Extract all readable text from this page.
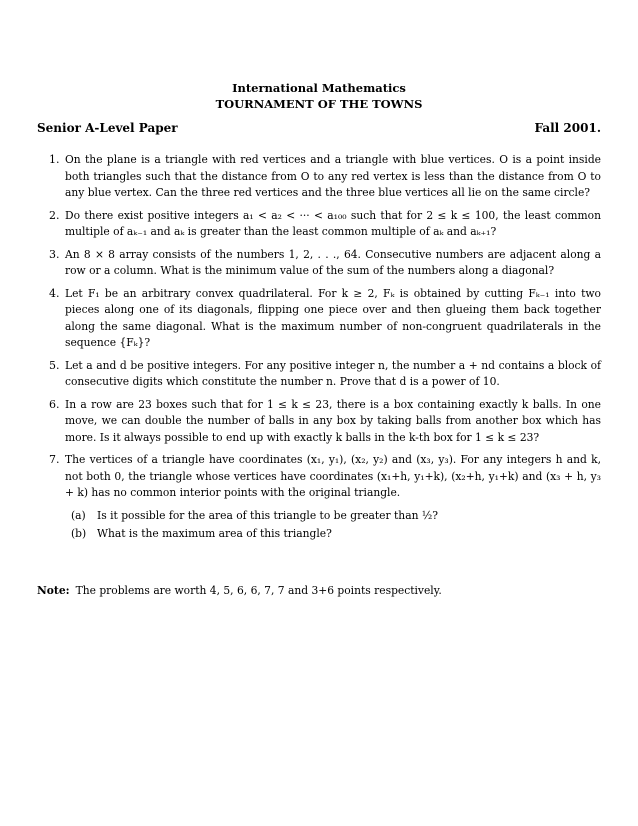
International Mathematics
TOURNAMENT OF THE TOWNS
Senior A-Level Paper	Fall 2001.
1. On the plane is a triangle with red vertices and a triangle with blue vertices. O is a point inside both triangles such that the distance from O to any red vertex is less than the distance from O to any blue vertex. Can the three red vertices and the three blue vertices all lie on the same circle?
2. Do there exist positive integers a₁ < a₂ < ··· < a₁₀₀ such that for 2 ≤ k ≤ 100, the least common multiple of aₖ₋₁ and aₖ is greater than the least common multiple of aₖ and aₖ₊₁?
3. An 8 × 8 array consists of the numbers 1, 2, . . ., 64. Consecutive numbers are adjacent along a row or a column. What is the minimum value of the sum of the numbers along a diagonal?
4. Let F₁ be an arbitrary convex quadrilateral. For k ≥ 2, Fₖ is obtained by cutting Fₖ₋₁ into two pieces along one of its diagonals, flipping one piece over and then glueing them back together along the same diagonal. What is the maximum number of non-congruent quadrilaterals in the sequence {Fₖ}?
5. Let a and d be positive integers. For any positive integer n, the number a + nd contains a block of consecutive digits which constitute the number n. Prove that d is a power of 10.
6. In a row are 23 boxes such that for 1 ≤ k ≤ 23, there is a box containing exactly k balls. In one move, we can double the number of balls in any box by taking balls from another box which has more. Is it always possible to end up with exactly k balls in the k-th box for 1 ≤ k ≤ 23?
7. The vertices of a triangle have coordinates (x₁, y₁), (x₂, y₂) and (x₃, y₃). For any integers h and k, not both 0, the triangle whose vertices have coordinates (x₁+h, y₁+k), (x₂+h, y₁+k) and (x₃ + h, y₃ + k) has no common interior points with the original triangle.
(a) Is it possible for the area of this triangle to be greater than ½?
(b) What is the maximum area of this triangle?
Note: The problems are worth 4, 5, 6, 6, 7, 7 and 3+6 points respectively.
